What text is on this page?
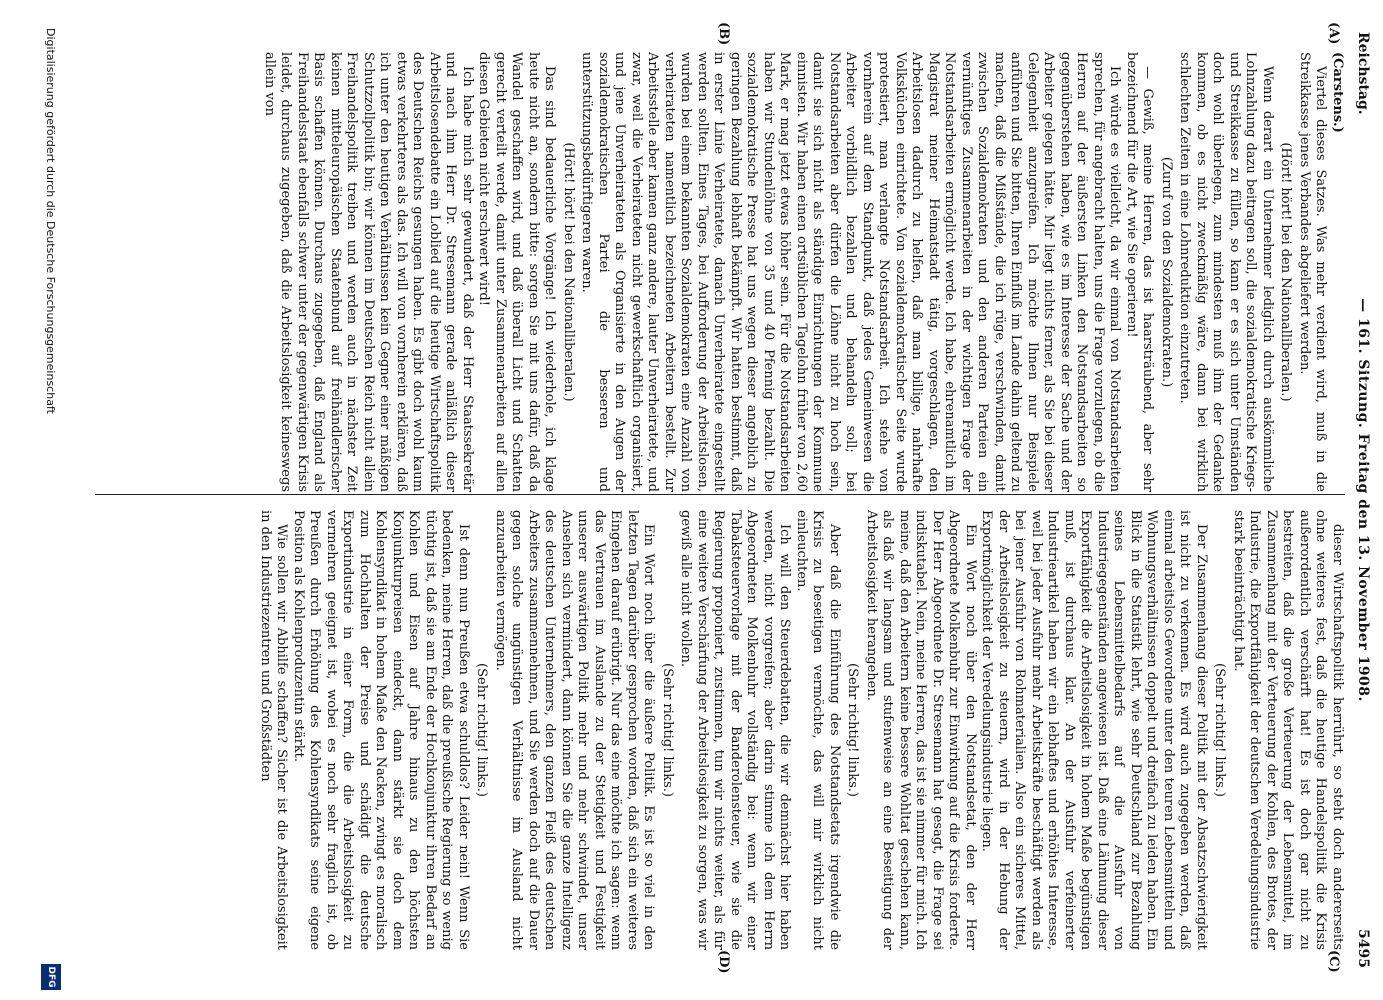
Reichstag.
— 161. Sitzung. Freitag den 13. November 1908.
5495
(A)
(B)
(C)
(D)

(Carstens.)

Viertel dieses Satzes. Was mehr verdient wird, muß in die Streikkasse jenes Verbandes abgeliefert werden.

(Hört! hört! bei den Nationalliberalen.)

Wenn derart ein Unternehmer lediglich durch auskömmliche Lohnzahlung dazu beitragen soll, die sozialdemokratische Kriegs- und Streikkasse zu füllen, so kann er es sich unter Umständen doch wohl überlegen, zum mindesten muß ihm der Gedanke kommen, ob es nicht zweckmäßig wäre, dann bei wirklich schlechten Zeiten in eine Lohnreduktion einzutreten.

(Zuruf von den Sozialdemokraten.)

— Gewiß, meine Herren, das ist haarsträubend, aber sehr bezeichnend für die Art, wie Sie operieren!

Ich würde es vielleicht, da wir einmal von Notstandsarbeiten sprechen, für angebracht halten, uns die Frage vorzulegen, ob die Herren auf der äußersten Linken den Notstandsarbeiten so gegenüberstehen haben, wie es im Interesse der Sache und der Arbeiter gelegen hätte. Mir liegt nichts ferner, als Sie bei dieser Gelegenheit anzugreifen. Ich möchte Ihnen nur Beispiele anführen und Sie bitten, Ihren Einfluß im Lande dahin geltend zu machen, daß die Mißstände, die ich rüge, verschwinden, damit zwischen Sozialdemokraten und den anderen Parteien ein vernünftiges Zusammenarbeiten in der wichtigen Frage der Notstandsarbeiten ermöglicht werde. Ich habe, ehrenamtlich im Magistrat meiner Heimatstadt tätig, vorgeschlagen, den Arbeitslosen dadurch zu helfen, daß man billige, nahrhafte Volksküchen einrichtete. Von sozialdemokratischer Seite wurde protestiert, man verlangte Notstandsarbeit. Ich stehe von vornherein auf dem Standpunkt, daß jedes Gemeinwesen die Arbeiter vorbildlich bezahlen und behandeln soll; bei Notstandsarbeiten aber dürfen die Löhne nicht zu hoch sein, damit sie sich nicht als ständige Einrichtungen der Kommune einnisten. Wir haben einen ortsüblichen Tagelohn früher von 2,60 Mark, er mag jetzt etwas höher sein. Für die Notstandsarbeiten haben wir Stundenlöhne von 35 und 40 Pfennig bezahlt. Die sozialdemokratische Presse hat uns wegen dieser angeblich zu geringen Bezahlung lebhaft bekämpft. Wir hatten bestimmt, daß in erster Linie Verheiratete, danach Unverheiratete eingestellt werden sollten. Eines Tages, bei Aufforderung der Arbeitslosen, wurden bei einem bekannten Sozialdemokraten eine Anzahl von verheirateten namentlich bezeichneten Arbeitern bestellt. Zur Arbeitsstelle aber kamen ganz andere, lauter Unverheiratete, und zwar, weil die Verheirateten nicht gewerkschaftlich organisiert, und jene Unverheirateten als Organisierte in den Augen der sozialdemokratischen Partei die besseren und unterstützungsbedürftigeren waren.

(Hört! hört! bei den Nationalliberalen.)

Das sind bedauerliche Vorgänge! Ich wiederhole, ich klage heute nicht an, sondern bitte: sorgen Sie mit uns dafür, daß da Wandel geschaffen wird, und daß überall Licht und Schatten gerecht verteilt werde, damit unter Zusammenarbeiten auf allen diesen Gebieten nicht erschwert wird!

Ich habe mich sehr gewundert, daß der Herr Staatssekretär und nach ihm Herr Dr. Stresemann gerade anläßlich dieser Arbeitslosendebatte ein Loblied auf die heutige Wirtschaftspolitik des Deutschen Reichs gesungen haben. Es gibt doch wohl kaum etwas verkehrteres als das. Ich will von vornherein erklären, daß ich unter den heutigen Verhältnissen kein Gegner einer mäßigen Schutzzollpolitik bin; wir können im Deutschen Reich nicht allein Freihandelspolitik treiben und werden auch in nächster Zeit keinen mitteleuropäischen Staatenbund auf freihändlerischer Basis schaffen können. Durchaus zugegeben, daß England als Freihandelsstaat ebenfalls schwer unter der gegenwärtigen Krisis leidet, durchaus zugegeben, daß die Arbeitslosigkeit keineswegs allein von

dieser Wirtschaftspolitik herrührt, so steht doch andererseits ohne weiteres fest, daß die heutige Handelspolitik die Krisis außerordentlich verschärft hat! Es ist doch gar nicht zu bestreiten, daß die große Verteuerung der Lebensmittel, im Zusammenhang mit der Verteuerung der Kohlen, des Brotes, der Industrie, die Exportfähigkeit der deutschen Veredelungsindustrie stark beeinträchtigt hat.

(Sehr richtig! links.)

Der Zusammenhang dieser Politik mit der Absatzschwierigkeit ist nicht zu verkennen. Es wird auch zugegeben werden, daß einmal arbeitslos Gewordene unter den teuren Lebensmitteln und Wohnungsverhältnissen doppelt und dreifach zu leiden haben. Ein Blick in die Statistik lehrt, wie sehr Deutschland zur Bezahlung seines Lebensmittelbedarfs auf die Ausfuhr von Industriegegenständen angewiesen ist. Daß eine Lähmung dieser Exportfähigkeit die Arbeitslosigkeit in hohem Maße begünstigen muß, ist durchaus klar. An der Ausfuhr verfeinerter Industrieartikel haben wir ein lebhaftes und erhöhtes Interesse, weil bei jeder Ausfuhr mehr Arbeitskräfte beschäftigt werden als bei jener Ausfuhr von Rohmaterialien. Also ein sicheres Mittel, der Arbeitslosigkeit zu steuern, wird in der Hebung der Exportmöglichkeit der Veredelungsindustrie liegen.

Ein Wort noch über den Notstandsetat, den der Herr Abgeordnete Molkenbuhr zur Einwirkung auf die Krisis forderte. Der Herr Abgeordnete Dr. Stresemann hat gesagt, die Frage sei indiskutabel. Nein, meine Herren, das ist sie nimmer für mich. Ich meine, daß den Arbeitern keine bessere Wohltat geschehen kann, als daß wir langsam und stufenweise an eine Beseitigung der Arbeitslosigkeit herangehen.

(Sehr richtig! links.)

Aber daß die Einführung des Notstandsetats irgendwie die Krisis zu beseitigen vermöchte, das will mir wirklich nicht einleuchten.

Ich will den Steuerdebatten, die wir demnächst hier haben werden, nicht vorgreifen; aber darin stimme ich dem Herrn Abgeordneten Molkenbuhr vollständig bei: wenn wir einer Tabaksteuervorlage mit der Banderolensteuer, wie sie die Regierung proponiert, zustimmen, tun wir nichts weiter, als für eine weitere Verschärfung der Arbeitslosigkeit zu sorgen, was wir gewiß alle nicht wollen.

(Sehr richtig! links.)

Ein Wort noch über die äußere Politik. Es ist so viel in den letzten Tagen darüber gesprochen worden, daß sich ein weiteres Eingehen darauf erübrigt. Nur das eine möchte ich sagen: wenn das Vertrauen im Auslande zu der Stetigkeit und Festigkeit unserer auswärtigen Politik mehr und mehr schwindet, unser Ansehen sich vermindert, dann können Sie die ganze Intelligenz des deutschen Unternehmers, den ganzen Fleiß des deutschen Arbeiters zusammennehmen, und Sie werden doch auf die Dauer gegen solche ungünstigen Verhältnisse im Ausland nicht anzuarbeiten vermögen.

(Sehr richtig! links.)

Ist denn nun Preußen etwa schuldlos? Leider nein! Wenn Sie bedenken, meine Herren, daß die preußische Regierung so wenig tüchtig ist, daß sie am Ende der Hochkonjunktur ihren Bedarf an Kohlen und Eisen auf Jahre hinaus zu den höchsten Konjunkturpreisen eindeckt, dann stärkt sie doch dem Kohlensyndikat in hohem Maße den Nacken, zwingt es moralisch zum Hochhalten der Preise und schädigt die deutsche Exportindustrie in einer Form, die die Arbeitslosigkeit zu vermehren geeignet ist, wobei es noch sehr fraglich ist, ob Preußen durch Erhöhung des Kohlensyndikats seine eigene Position als Kohlenproduzentin stärkt.

Wie sollen wir Abhilfe schaffen? Sicher ist die Arbeitslosigkeit in den Industriezentren und Großstädten

Digitalisierung gefördert durch die Deutsche Forschungsgemeinschaft
DFG
